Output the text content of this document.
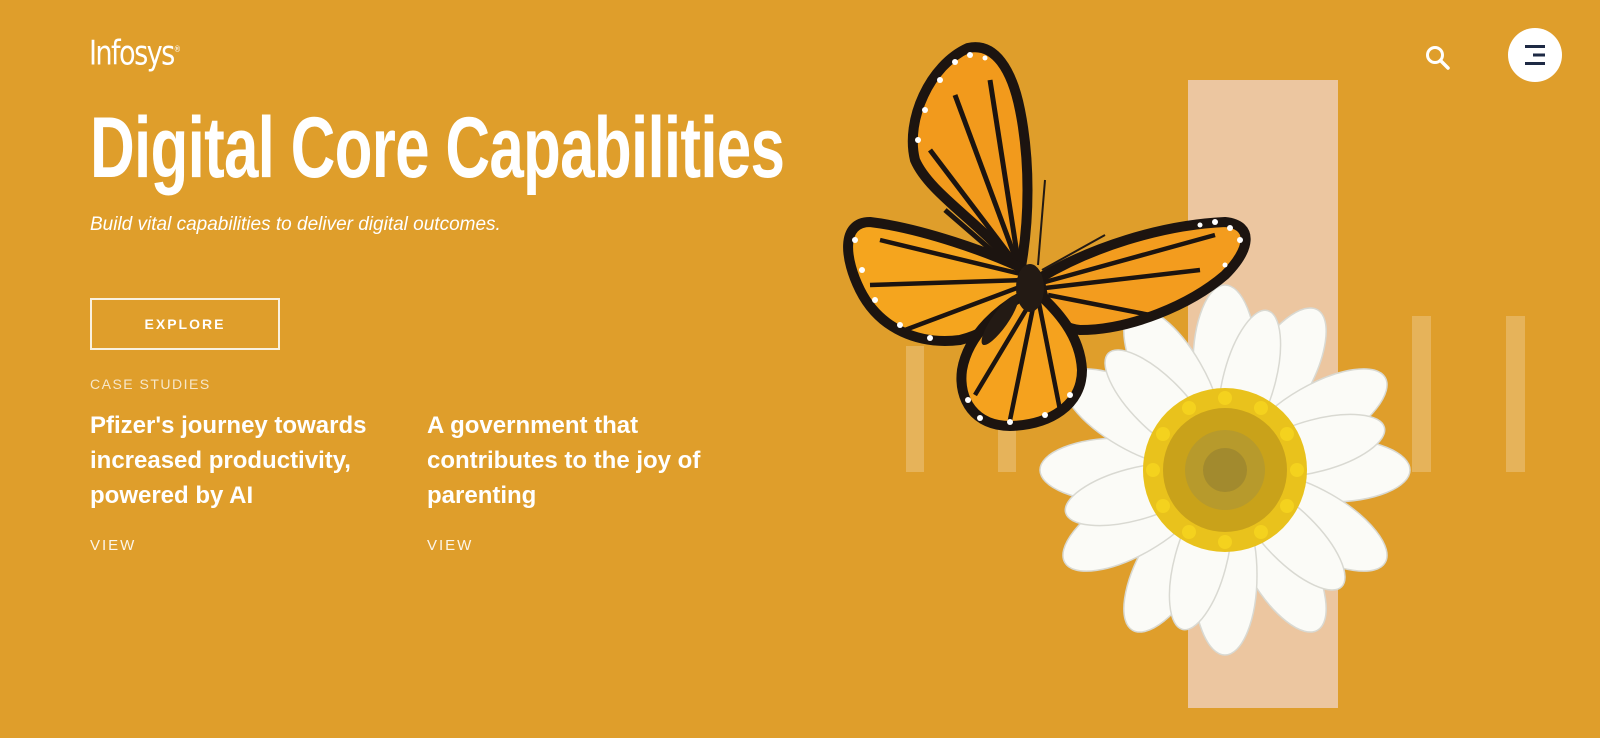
Infosys®
Digital Core Capabilities

Build vital capabilities to deliver digital outcomes.

EXPLORE
CASE STUDIES
Pfizer's journey towards increased productivity, powered by AI
VIEW
A government that contributes to the joy of parenting
VIEW
